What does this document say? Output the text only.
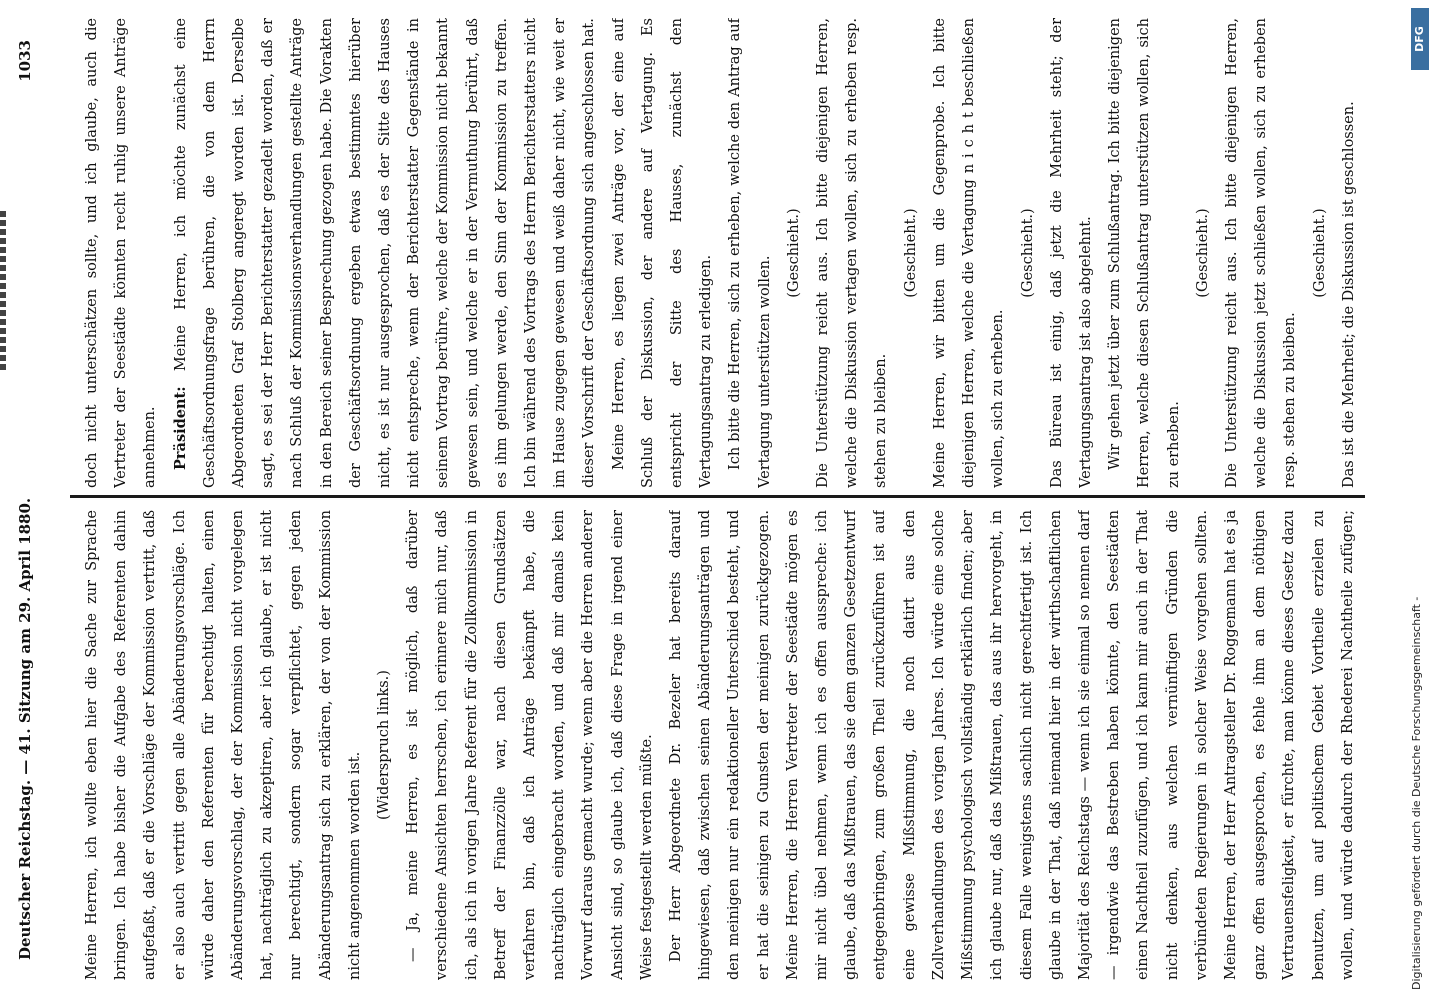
Deutscher Reichstag. — 41. Sitzung am 29. April 1880.
1033

Meine Herren, ich wollte eben hier die Sache zur Sprache bringen. Ich habe bisher die Aufgabe des Referenten dahin aufgefaßt, daß er die Vorschläge der Kommission vertritt, daß er also auch vertritt gegen alle Abänderungsvorschläge. Ich würde daher den Referenten für berechtigt halten, einen Abänderungsvorschlag, der der Kommission nicht vorgelegen hat, nachträglich zu akzeptiren, aber ich glaube, er ist nicht nur berechtigt, sondern sogar verpflichtet, gegen jeden Abänderungsantrag sich zu erklären, der von der Kommission nicht angenommen worden ist.

(Widerspruch links.) — Ja, meine Herren, es ist möglich, daß darüber verschiedene Ansichten herrschen, ich erinnere mich nur, daß ich, als ich in vorigen Jahre Referent für die Zollkommission in Betreff der Finanzzölle war, nach diesen Grundsätzen verfahren bin, daß ich Anträge bekämpft habe, die nachträglich eingebracht worden, und daß mir damals kein Vorwurf daraus gemacht wurde; wenn aber die Herren anderer Ansicht sind, so glaube ich, daß diese Frage in irgend einer Weise festgestellt werden müßte. Der Herr Abgeordnete Dr. Bezeler hat bereits darauf hingewiesen, daß zwischen seinen Abänderungsanträgen und den meinigen nur ein redaktioneller Unterschied besteht, und er hat die seinigen zu Gunsten der meinigen zurückgezogen. Meine Herren, die Herren Vertreter der Seestädte mögen es mir nicht übel nehmen, wenn ich es offen ausspreche: ich glaube, daß das Mißtrauen, das sie dem ganzen Gesetzentwurf entgegenbringen, zum großen Theil zurückzuführen ist auf eine gewisse Mißstimmung, die noch datirt aus den Zollverhandlungen des vorigen Jahres. Ich würde eine solche Mißstimmung psychologisch vollständig erklärlich finden; aber ich glaube nur, daß das Mißtrauen, das aus ihr hervorgeht, in diesem Falle wenigstens sachlich nicht gerechtfertigt ist. Ich glaube in der That, daß niemand hier in der wirthschaftlichen Majorität des Reichstags — wenn ich sie einmal so nennen darf — irgendwie das Bestreben haben könnte, den Seestädten einen Nachtheil zuzufügen, und ich kann mir auch in der That nicht denken, aus welchen vernünftigen Gründen die verbündeten Regierungen in solcher Weise vorgehen sollten. Meine Herren, der Herr Antragsteller Dr. Roggemann hat es ja ganz offen ausgesprochen, es fehle ihm an dem nöthigen Vertrauensfeligkeit, er fürchte, man könne dieses Gesetz dazu benutzen, um auf politischem Gebiet Vortheile erzielen zu wollen, und würde dadurch der Rhederei Nachtheile zufügen;

doch nicht unterschätzen sollte, und ich glaube, auch die Vertreter der Seestädte könnten recht ruhig unsere Anträge annehmen. Präsident: Meine Herren, ich möchte zunächst eine Geschäftsordnungsfrage berühren, die von dem Herrn Abgeordneten Graf Stolberg angeregt worden ist. Derselbe sagt, es sei der Herr Berichterstatter gezadelt worden, daß er nach Schluß der Kommissionsverhandlungen gestellte Anträge in den Bereich seiner Besprechung gezogen habe. Die Vorakten der Geschäftsordnung ergeben etwas bestimmtes hierüber nicht, es ist nur ausgesprochen, daß es der Sitte des Hauses nicht entspreche, wenn der Berichterstatter Gegenstände in seinem Vortrag berühre, welche der Kommission nicht bekannt gewesen sein, und welche er in der Vermuthung berührt, daß es ihm gelungen werde, den Sinn der Kommission zu treffen. Ich bin während des Vortrags des Herrn Berichterstatters nicht im Hause zugegen gewesen und weiß daher nicht, wie weit er dieser Vorschrift der Geschäftsordnung sich angeschlossen hat. Meine Herren, es liegen zwei Anträge vor, der eine auf Schluß der Diskussion, der andere auf Vertagung. Es entspricht der Sitte des Hauses, zunächst den Vertagungsantrag zu erledigen. Ich bitte die Herren, sich zu erheben, welche den Antrag auf Vertagung unterstützen wollen.

(Geschieht.) Die Unterstützung reicht aus. Ich bitte diejenigen Herren, welche die Diskussion vertagen wollen, sich zu erheben resp. stehen zu bleiben.

(Geschieht.) Meine Herren, wir bitten um die Gegenprobe. Ich bitte diejenigen Herren, welche die Vertagung n i c h t beschließen wollen, sich zu erheben.

(Geschieht.) Das Büreau ist einig, daß jetzt die Mehrheit steht; der Vertagungsantrag ist also abgelehnt. Wir gehen jetzt über zum Schlußantrag. Ich bitte diejenigen Herren, welche diesen Schlußantrag unterstützen wollen, sich zu erheben.

(Geschieht.) Die Unterstützung reicht aus. Ich bitte diejenigen Herren, welche die Diskussion jetzt schließen wollen, sich zu erheben resp. stehen zu bleiben.

(Geschieht.) Das ist die Mehrheit; die Diskussion ist geschlossen.

DFG
Digitalisierung gefördert durch die Deutsche Forschungsgemeinschaft -
